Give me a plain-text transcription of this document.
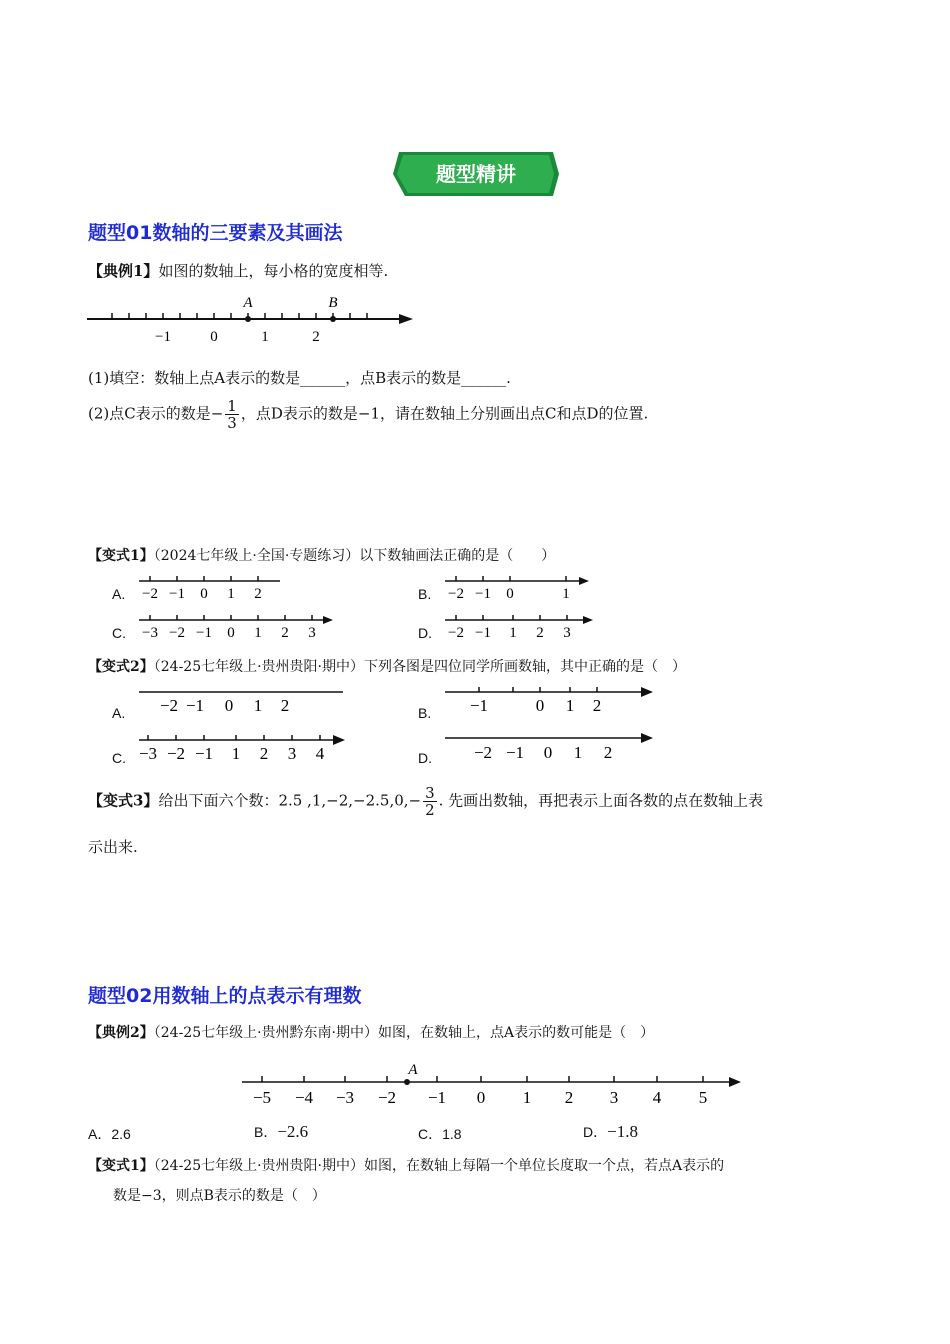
题型精讲
题型01数轴的三要素及其画法
【典例1】如图的数轴上，每小格的宽度相等.
A	B
−1	0	1	2
(1)填空：数轴上点A表示的数是______，点B表示的数是______.
(2)点C表示的数是− $\frac{1}{3}$ ，点D表示的数是−1，请在数轴上分别画出点C和点D的位置.
【变式1】（2024七年级上·全国·专题练习）以下数轴画法正确的是（　　）
A. −2 −1 0 1 2	B. −2 −1 0	1
C. −3 −2 −1 0 1 2 3	D. −2 −1 1 2 3
【变式2】（24-25七年级上·贵州贵阳·期中）下列各图是四位同学所画数轴，其中正确的是（　）
A. −2 −1 0 1 2	B. −1	0 1 2
C. −3 −2 −1 1 2 3 4	D. −2 −1 0 1 2
【变式3】给出下面六个数：2.5 $,1,-2,-2.5,0,- \frac{3}{2}$ . 先画出数轴，再把表示上面各数的点在数轴上表
示出来.
题型02用数轴上的点表示有理数
【典例2】（24-25七年级上·贵州黔东南·期中）如图，在数轴上，点A表示的数可能是（　）
A
−5 −4 −3 −2 −1 0 1 2 3 4 5
A．2.6	B．−2.6	C．1.8	D．−1.8
【变式1】（24-25七年级上·贵州贵阳·期中）如图，在数轴上每隔一个单位长度取一个点，若点A表示的
数是−3，则点B表示的数是（　）
